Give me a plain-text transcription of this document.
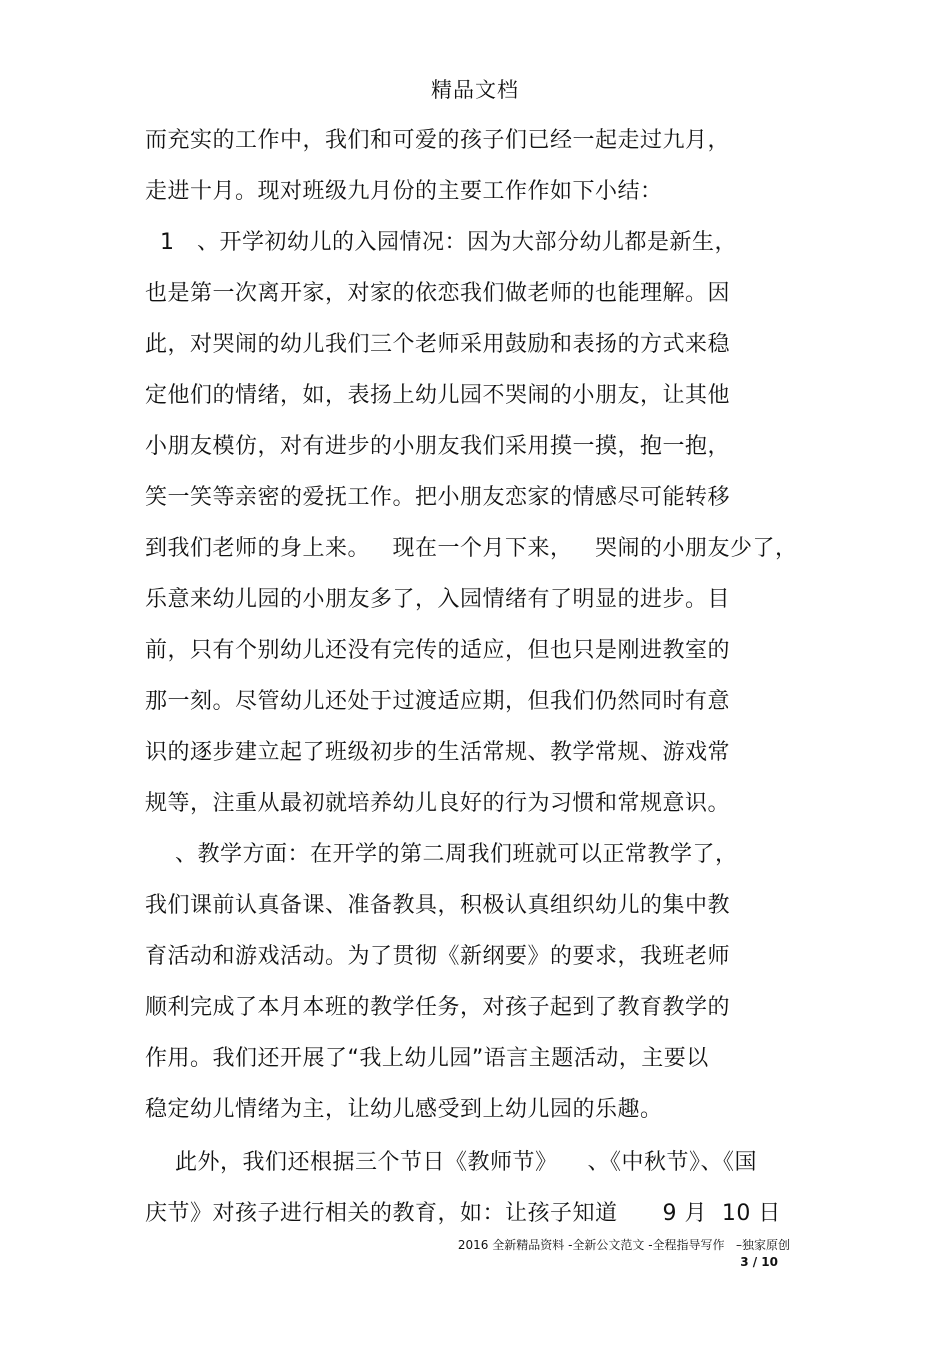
精品文档
而充实的工作中，我们和可爱的孩子们已经一起走过九月，
走进十月。现对班级九月份的主要工作作如下小结：
1   、开学初幼儿的入园情况：因为大部分幼儿都是新生，
也是第一次离开家，对家的依恋我们做老师的也能理解。因
此，对哭闹的幼儿我们三个老师采用鼓励和表扬的方式来稳
定他们的情绪，如，表扬上幼儿园不哭闹的小朋友，让其他
小朋友模仿，对有进步的小朋友我们采用摸一摸，抱一抱，
笑一笑等亲密的爱抚工作。把小朋友恋家的情感尽可能转移
到我们老师的身上来。   现在一个月下来，   哭闹的小朋友少了，
乐意来幼儿园的小朋友多了，入园情绪有了明显的进步。目
前，只有个别幼儿还没有完传的适应，但也只是刚进教室的
那一刻。尽管幼儿还处于过渡适应期，但我们仍然同时有意
识的逐步建立起了班级初步的生活常规、教学常规、游戏常
规等，注重从最初就培养幼儿良好的行为习惯和常规意识。
、教学方面：在开学的第二周我们班就可以正常教学了，
我们课前认真备课、准备教具，积极认真组织幼儿的集中教
育活动和游戏活动。为了贯彻《新纲要》的要求，我班老师
顺利完成了本月本班的教学任务，对孩子起到了教育教学的
作用。我们还开展了“我上幼儿园”语言主题活动，主要以
稳定幼儿情绪为主，让幼儿感受到上幼儿园的乐趣。
此外，我们还根据三个节日《教师节》    、《中秋节》、《国
庆节》对孩子进行相关的教育，如：让孩子知道      9 月  10 日
2016 全新精品资料 -全新公文范文 -全程指导写作   –独家原创
3 / 10
